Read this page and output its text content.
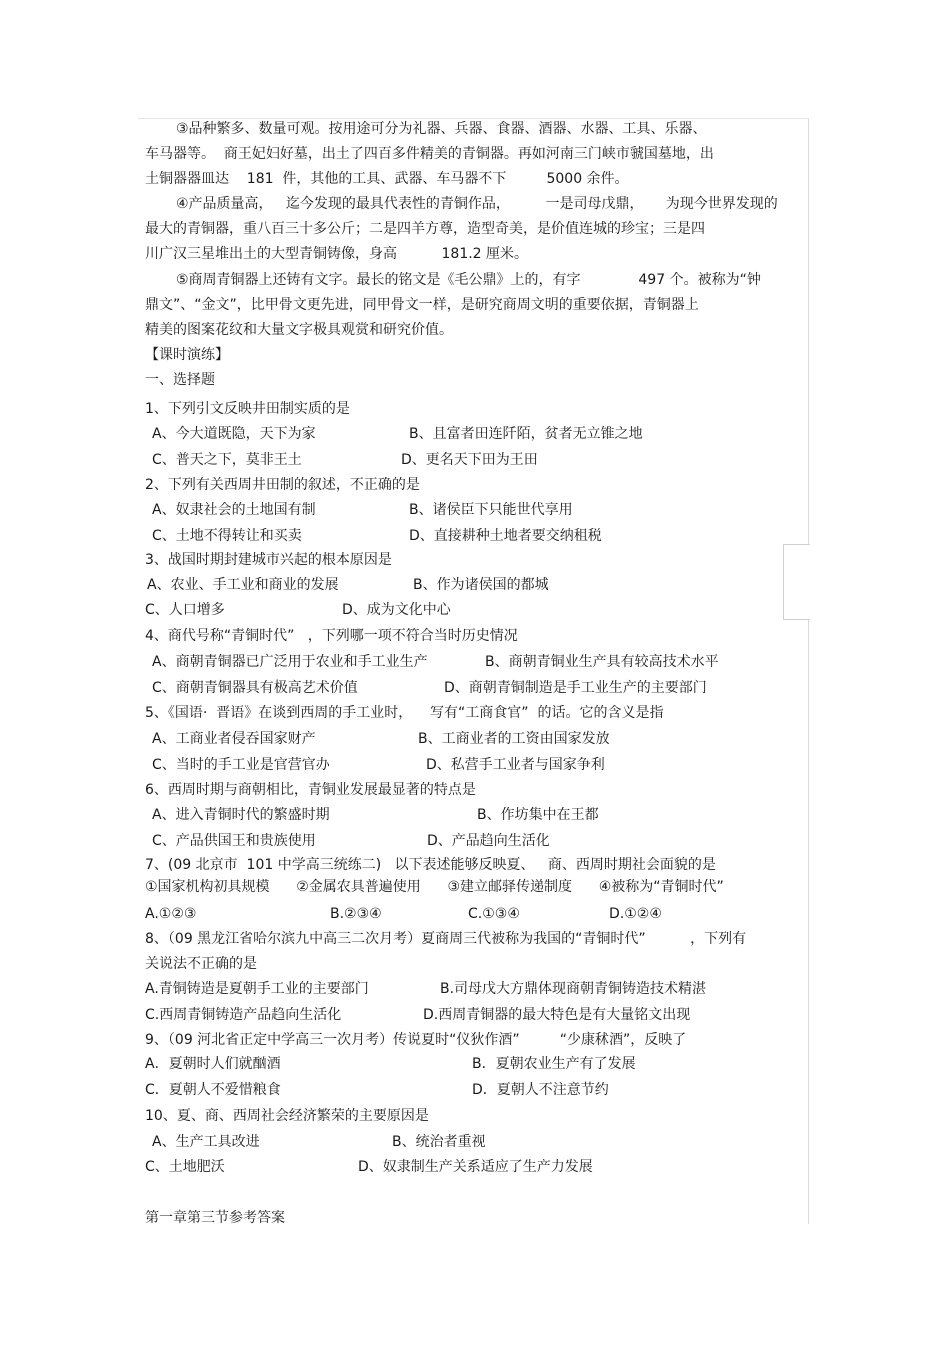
③品种繁多、数量可观。按用途可分为礼器、兵器、食器、酒器、水器、工具、乐器、
车马器等。  商王妃妇好墓，出土了四百多件精美的青铜器。再如河南三门峡市虢国墓地，出
土铜器器皿达    181  件，其他的工具、武器、车马器不下         5000 余件。
④产品质量高，   迄今发现的最具代表性的青铜作品，        一是司母戊鼎，     为现今世界发现的
最大的青铜器，重八百三十多公斤；二是四羊方尊，造型奇美，是价值连城的珍宝；三是四
川广汉三星堆出土的大型青铜铸像，身高          181.2 厘米。
⑤商周青铜器上还铸有文字。最长的铭文是《毛公鼎》上的，有字             497 个。被称为“钟
鼎文”、“金文”，比甲骨文更先进，同甲骨文一样，是研究商周文明的重要依据，青铜器上
精美的图案花纹和大量文字极具观赏和研究价值。
【课时演练】
一、选择题
1、下列引文反映井田制实质的是
A、今大道既隐，天下为家	B、且富者田连阡陌，贫者无立锥之地
C、普天之下，莫非王土	D、更名天下田为王田
2、下列有关西周井田制的叙述，不正确的是
A、奴隶社会的土地国有制	B、诸侯臣下只能世代享用
C、土地不得转让和买卖	D、直接耕种土地者要交纳租税
3、战国时期封建城市兴起的根本原因是
A、农业、手工业和商业的发展	B、作为诸侯国的都城
C、人口增多	D、成为文化中心
4、商代号称“青铜时代”   ，下列哪一项不符合当时历史情况
A、商朝青铜器已广泛用于农业和手工业生产	B、商朝青铜业生产具有较高技术水平
C、商朝青铜器具有极高艺术价值	D、商朝青铜制造是手工业生产的主要部门
5、《国语·  晋语》在谈到西周的手工业时，    写有“工商食官”  的话。它的含义是指
A、工商业者侵吞国家财产	B、工商业者的工资由国家发放
C、当时的手工业是官营官办	D、私营手工业者与国家争利
6、西周时期与商朝相比，青铜业发展最显著的特点是
A、进入青铜时代的繁盛时期	B、作坊集中在王都
C、产品供国王和贵族使用	D、产品趋向生活化
7、(09 北京市  101 中学高三统练二)   以下表述能够反映夏、   商、西周时期社会面貌的是
①国家机构初具规模      ②金属农具普遍使用      ③建立邮驿传递制度      ④被称为“青铜时代”
A.①②③	B.②③④	C.①③④	D.①②④
8、（09 黑龙江省哈尔滨九中高三二次月考）夏商周三代被称为我国的“青铜时代”          ，下列有
关说法不正确的是
A.青铜铸造是夏朝手工业的主要部门	B.司母戊大方鼎体现商朝青铜铸造技术精湛
C.西周青铜铸造产品趋向生活化	D.西周青铜器的最大特色是有大量铭文出现
9、（09 河北省正定中学高三一次月考）传说夏时“仪狄作酒”         “少康秫酒”，反映了
A．夏朝时人们就酗酒	B．夏朝农业生产有了发展
C．夏朝人不爱惜粮食	D．夏朝人不注意节约
10、夏、商、西周社会经济繁荣的主要原因是
A、生产工具改进	B、统治者重视
C、土地肥沃	D、奴隶制生产关系适应了生产力发展
第一章第三节参考答案
